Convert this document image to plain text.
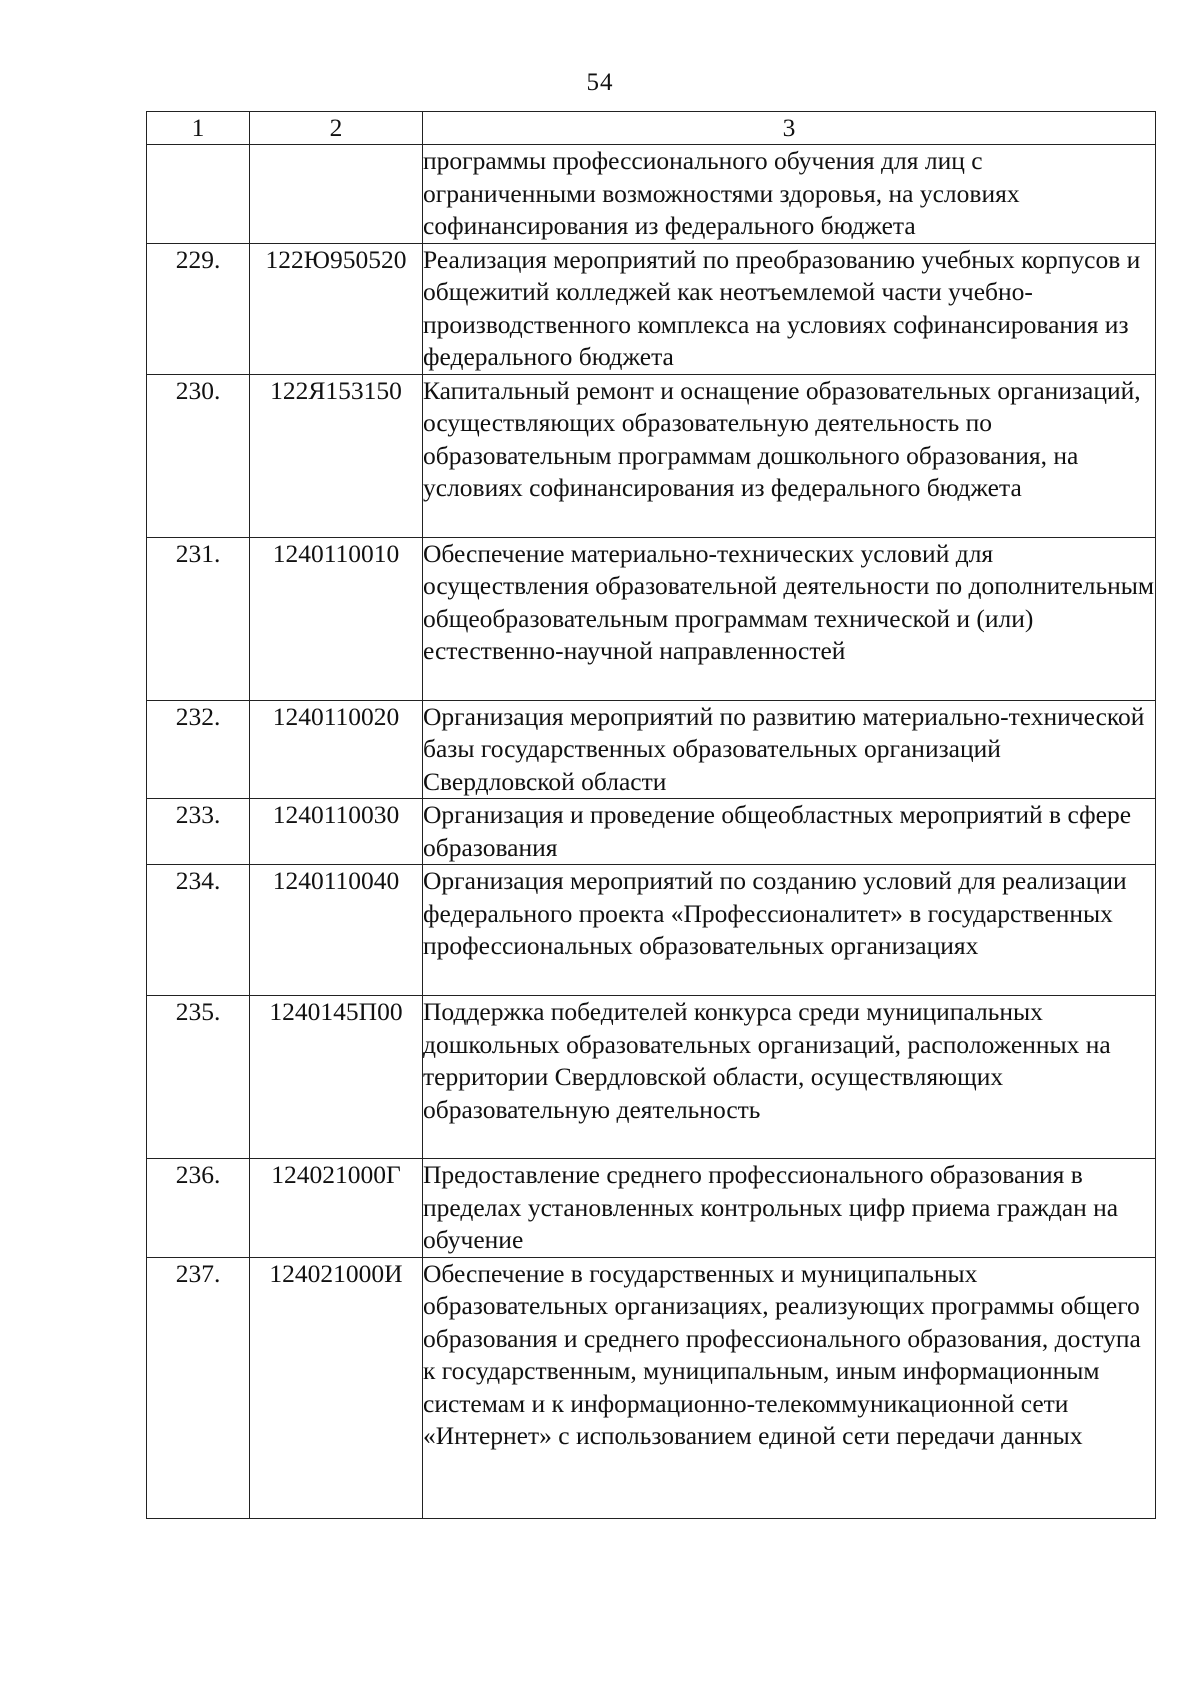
54
1	2	3
		программы профессионального обучения для лиц с ограниченными возможностями здоровья, на условиях софинансирования из федерального бюджета
229.	122Ю950520	Реализация мероприятий по преобразованию учебных корпусов и общежитий колледжей как неотъемлемой части учебно-производственного комплекса на условиях софинансирования из федерального бюджета
230.	122Я153150	Капитальный ремонт и оснащение образовательных организаций, осуществляющих образовательную деятельность по образовательным программам дошкольного образования, на условиях софинансирования из федерального бюджета
231.	1240110010	Обеспечение материально-технических условий для осуществления образовательной деятельности по дополнительным общеобразовательным программам технической и (или) естественно-научной направленностей
232.	1240110020	Организация мероприятий по развитию материально-технической базы государственных образовательных организаций Свердловской области
233.	1240110030	Организация и проведение общеобластных мероприятий в сфере образования
234.	1240110040	Организация мероприятий по созданию условий для реализации федерального проекта «Профессионалитет» в государственных профессиональных образовательных организациях
235.	1240145П00	Поддержка победителей конкурса среди муниципальных дошкольных образовательных организаций, расположенных на территории Свердловской области, осуществляющих образовательную деятельность
236.	124021000Г	Предоставление среднего профессионального образования в пределах установленных контрольных цифр приема граждан на обучение
237.	124021000И	Обеспечение в государственных и муниципальных образовательных организациях, реализующих программы общего образования и среднего профессионального образования, доступа к государственным, муниципальным, иным информационным системам и к информационно-телекоммуникационной сети «Интернет» с использованием единой сети передачи данных
